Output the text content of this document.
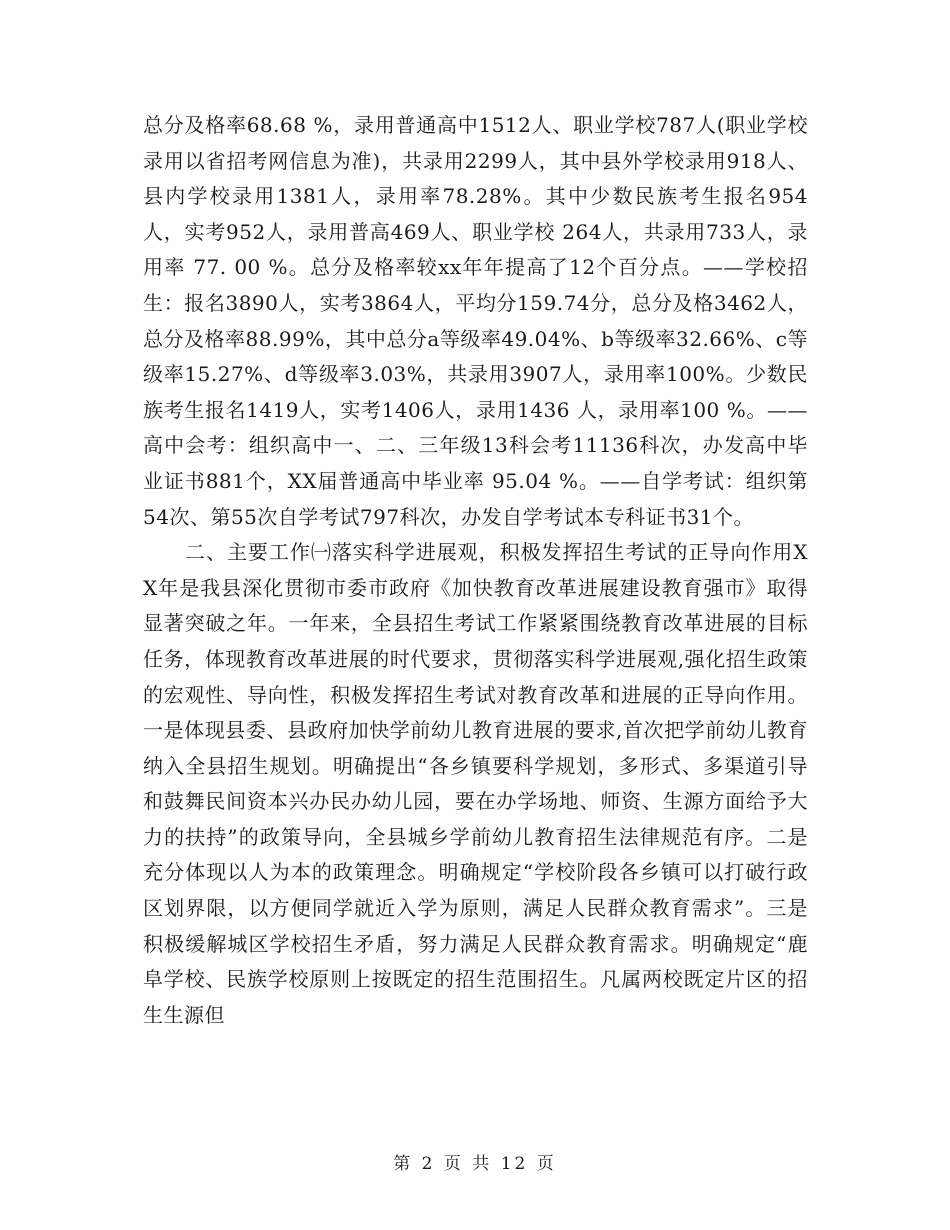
总分及格率68.68 %，录用普通高中1512人、职业学校787人(职业学校录用以省招考网信息为准)，共录用2299人，其中县外学校录用918人、县内学校录用1381人，录用率78.28%。其中少数民族考生报名954 人，实考952人，录用普高469人、职业学校 264人，共录用733人，录用率 77. 00 %。总分及格率较xx年年提高了12个百分点。——学校招生：报名3890人，实考3864人，平均分159.74分，总分及格3462人，总分及格率88.99%，其中总分a等级率49.04%、b等级率32.66%、c等级率15.27%、d等级率3.03%，共录用3907人，录用率100%。少数民族考生报名1419人，实考1406人，录用1436 人，录用率100 %。——高中会考：组织高中一、二、三年级13科会考11136科次，办发高中毕业证书881个，XX届普通高中毕业率 95.04 %。——自学考试：组织第54次、第55次自学考试797科次，办发自学考试本专科证书31个。

二、主要工作㈠落实科学进展观，积极发挥招生考试的正导向作用XX年是我县深化贯彻市委市政府《加快教育改革进展建设教育强市》取得显著突破之年。一年来，全县招生考试工作紧紧围绕教育改革进展的目标任务，体现教育改革进展的时代要求，贯彻落实科学进展观,强化招生政策的宏观性、导向性，积极发挥招生考试对教育改革和进展的正导向作用。一是体现县委、县政府加快学前幼儿教育进展的要求,首次把学前幼儿教育纳入全县招生规划。明确提出“各乡镇要科学规划，多形式、多渠道引导和鼓舞民间资本兴办民办幼儿园，要在办学场地、师资、生源方面给予大力的扶持”的政策导向，全县城乡学前幼儿教育招生法律规范有序。二是充分体现以人为本的政策理念。明确规定“学校阶段各乡镇可以打破行政区划界限，以方便同学就近入学为原则，满足人民群众教育需求”。三是积极缓解城区学校招生矛盾，努力满足人民群众教育需求。明确规定“鹿阜学校、民族学校原则上按既定的招生范围招生。凡属两校既定片区的招生生源但

第 2 页 共 12 页
